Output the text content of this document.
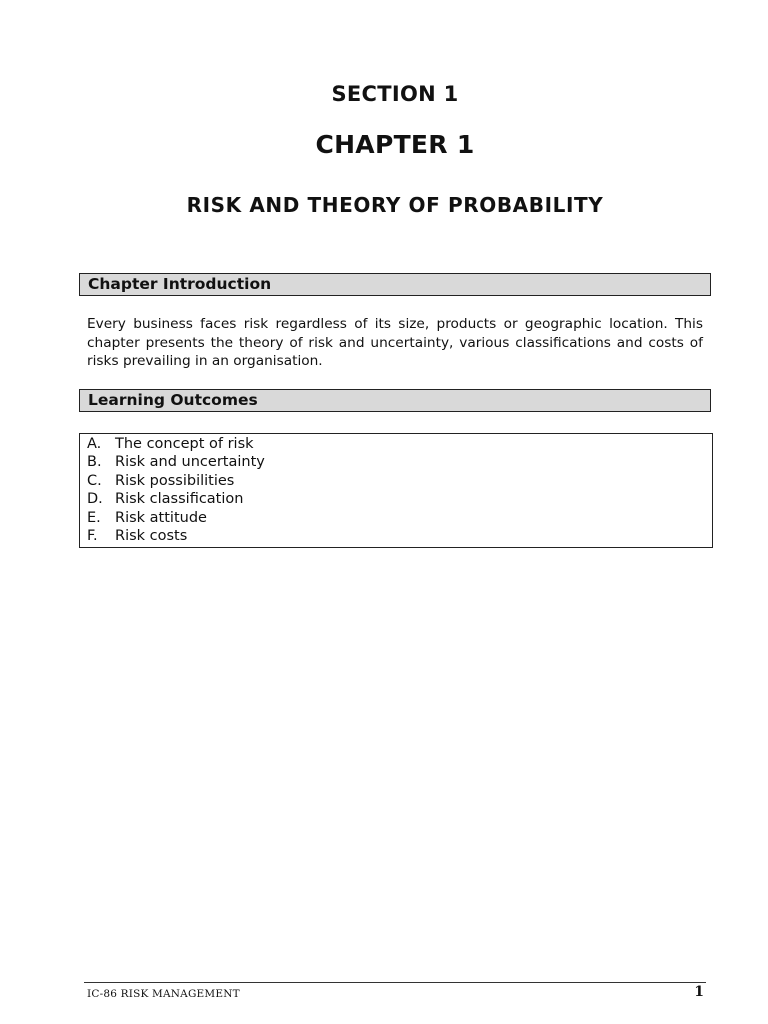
SECTION 1
CHAPTER 1
RISK AND THEORY OF PROBABILITY
Chapter Introduction
Every business faces risk regardless of its size, products or geographic location. This chapter presents the theory of risk and uncertainty, various classifications and costs of risks prevailing in an organisation.
Learning Outcomes
A. The concept of risk
B. Risk and uncertainty
C. Risk possibilities
D. Risk classification
E. Risk attitude
F.	Risk costs
IC-86 RISK MANAGEMENT	1
